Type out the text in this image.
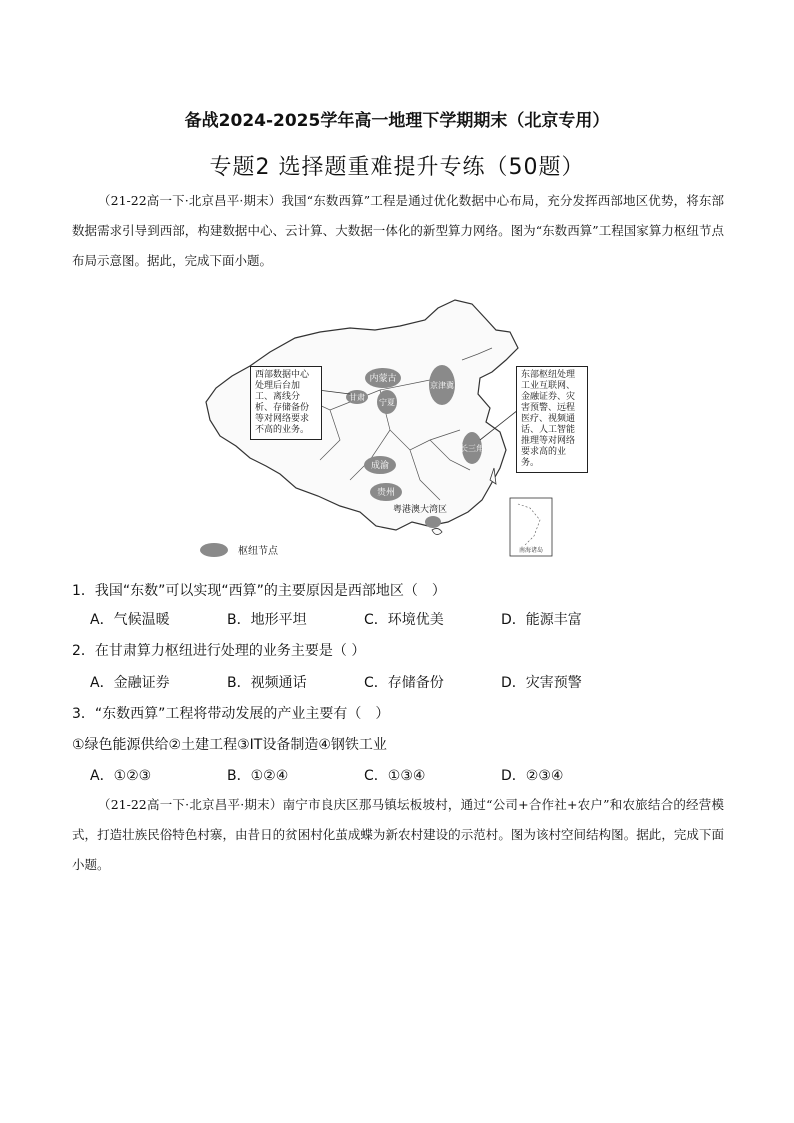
备战2024-2025学年高一地理下学期期末（北京专用）
专题2 选择题重难提升专练（50题）
（21-22高一下·北京昌平·期末）我国“东数西算”工程是通过优化数据中心布局，充分发挥西部地区优势，将东部数据需求引导到西部，构建数据中心、云计算、大数据一体化的新型算力网络。图为“东数西算”工程国家算力枢纽节点布局示意图。据此，完成下面小题。
内蒙古
甘肃
宁夏
京津冀
长三角
成渝
贵州
粤港澳大湾区
南海诸岛
西部数据中心处理后台加工、离线分析、存储备份等对网络要求不高的业务。
东部枢纽处理工业互联网、金融证券、灾害预警、远程医疗、视频通话、人工智能推理等对网络要求高的业务。
枢纽节点
1．我国“东数”可以实现“西算”的主要原因是西部地区（　）
A．气候温暖	B．地形平坦	C．环境优美	D．能源丰富
2．在甘肃算力枢纽进行处理的业务主要是（ ）
A．金融证券	B．视频通话	C．存储备份	D．灾害预警
3．“东数西算”工程将带动发展的产业主要有（　）
①绿色能源供给②土建工程③IT设备制造④钢铁工业
A．①②③	B．①②④	C．①③④	D．②③④
（21-22高一下·北京昌平·期末）南宁市良庆区那马镇坛板坡村，通过“公司+合作社+农户”和农旅结合的经营模式，打造壮族民俗特色村寨，由昔日的贫困村化茧成蝶为新农村建设的示范村。图为该村空间结构图。据此，完成下面小题。
